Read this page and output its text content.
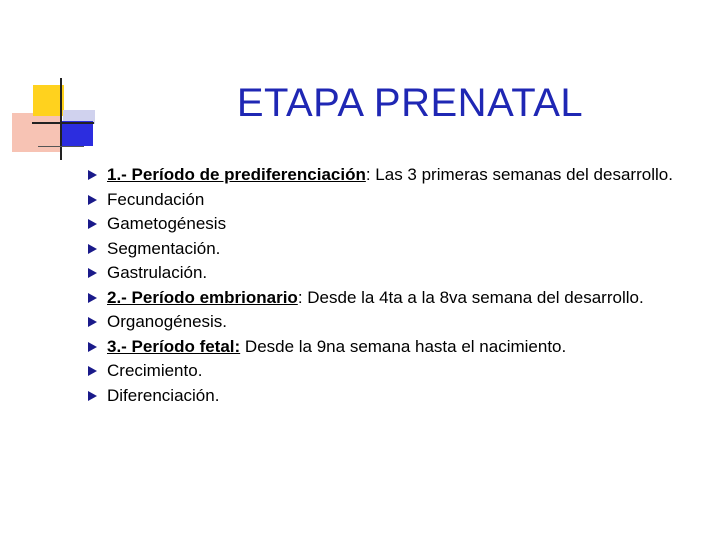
ETAPA PRENATAL
1.- Período de prediferenciación: Las 3 primeras semanas del desarrollo.
Fecundación
Gametogénesis
Segmentación.
Gastrulación.
2.- Período embrionario: Desde la 4ta a la 8va semana del desarrollo.
Organogénesis.
3.- Período fetal: Desde la 9na semana hasta el nacimiento.
Crecimiento.
Diferenciación.
